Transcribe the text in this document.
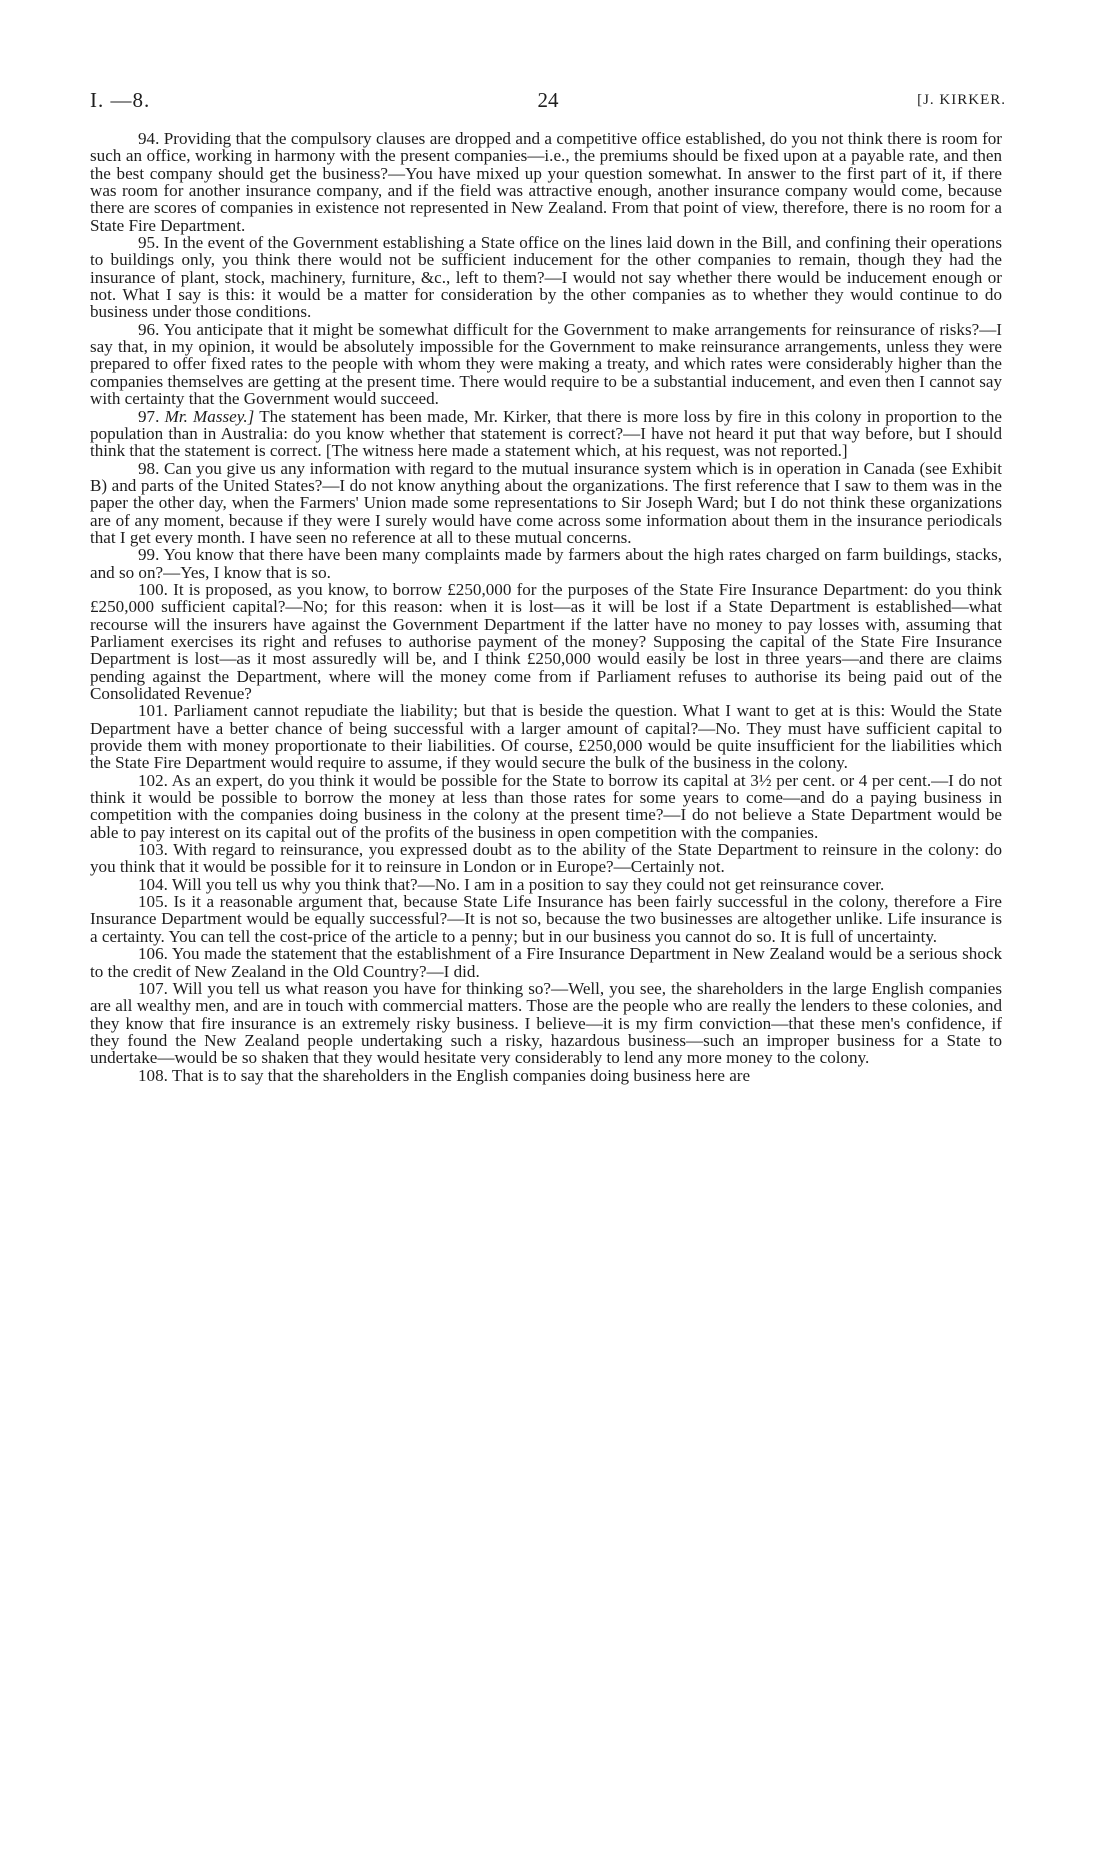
I. —8.	24	[J. KIRKER.

94. Providing that the compulsory clauses are dropped and a competitive office established, do you not think there is room for such an office, working in harmony with the present companies—i.e., the premiums should be fixed upon at a payable rate, and then the best company should get the business?—You have mixed up your question somewhat. In answer to the first part of it, if there was room for another insurance company, and if the field was attractive enough, another insurance company would come, because there are scores of companies in existence not represented in New Zealand. From that point of view, therefore, there is no room for a State Fire Department.

95. In the event of the Government establishing a State office on the lines laid down in the Bill, and confining their operations to buildings only, you think there would not be sufficient inducement for the other companies to remain, though they had the insurance of plant, stock, machinery, furniture, &c., left to them?—I would not say whether there would be inducement enough or not. What I say is this: it would be a matter for consideration by the other companies as to whether they would continue to do business under those conditions.

96. You anticipate that it might be somewhat difficult for the Government to make arrangements for reinsurance of risks?—I say that, in my opinion, it would be absolutely impossible for the Government to make reinsurance arrangements, unless they were prepared to offer fixed rates to the people with whom they were making a treaty, and which rates were considerably higher than the companies themselves are getting at the present time. There would require to be a substantial inducement, and even then I cannot say with certainty that the Government would succeed.

97. Mr. Massey.] The statement has been made, Mr. Kirker, that there is more loss by fire in this colony in proportion to the population than in Australia: do you know whether that statement is correct?—I have not heard it put that way before, but I should think that the statement is correct. [The witness here made a statement which, at his request, was not reported.]

98. Can you give us any information with regard to the mutual insurance system which is in operation in Canada (see Exhibit B) and parts of the United States?—I do not know anything about the organizations. The first reference that I saw to them was in the paper the other day, when the Farmers' Union made some representations to Sir Joseph Ward; but I do not think these organizations are of any moment, because if they were I surely would have come across some information about them in the insurance periodicals that I get every month. I have seen no reference at all to these mutual concerns.

99. You know that there have been many complaints made by farmers about the high rates charged on farm buildings, stacks, and so on?—Yes, I know that is so.

100. It is proposed, as you know, to borrow £250,000 for the purposes of the State Fire Insurance Department: do you think £250,000 sufficient capital?—No; for this reason: when it is lost—as it will be lost if a State Department is established—what recourse will the insurers have against the Government Department if the latter have no money to pay losses with, assuming that Parliament exercises its right and refuses to authorise payment of the money? Supposing the capital of the State Fire Insurance Department is lost—as it most assuredly will be, and I think £250,000 would easily be lost in three years—and there are claims pending against the Department, where will the money come from if Parliament refuses to authorise its being paid out of the Consolidated Revenue?

101. Parliament cannot repudiate the liability; but that is beside the question. What I want to get at is this: Would the State Department have a better chance of being successful with a larger amount of capital?—No. They must have sufficient capital to provide them with money proportionate to their liabilities. Of course, £250,000 would be quite insufficient for the liabilities which the State Fire Department would require to assume, if they would secure the bulk of the business in the colony.

102. As an expert, do you think it would be possible for the State to borrow its capital at 3½ per cent. or 4 per cent.—I do not think it would be possible to borrow the money at less than those rates for some years to come—and do a paying business in competition with the companies doing business in the colony at the present time?—I do not believe a State Department would be able to pay interest on its capital out of the profits of the business in open competition with the companies.

103. With regard to reinsurance, you expressed doubt as to the ability of the State Department to reinsure in the colony: do you think that it would be possible for it to reinsure in London or in Europe?—Certainly not.

104. Will you tell us why you think that?—No. I am in a position to say they could not get reinsurance cover.

105. Is it a reasonable argument that, because State Life Insurance has been fairly successful in the colony, therefore a Fire Insurance Department would be equally successful?—It is not so, because the two businesses are altogether unlike. Life insurance is a certainty. You can tell the cost-price of the article to a penny; but in our business you cannot do so. It is full of uncertainty.

106. You made the statement that the establishment of a Fire Insurance Department in New Zealand would be a serious shock to the credit of New Zealand in the Old Country?—I did.

107. Will you tell us what reason you have for thinking so?—Well, you see, the shareholders in the large English companies are all wealthy men, and are in touch with commercial matters. Those are the people who are really the lenders to these colonies, and they know that fire insurance is an extremely risky business. I believe—it is my firm conviction—that these men's confidence, if they found the New Zealand people undertaking such a risky, hazardous business—such an improper business for a State to undertake—would be so shaken that they would hesitate very considerably to lend any more money to the colony.

108. That is to say that the shareholders in the English companies doing business here are
